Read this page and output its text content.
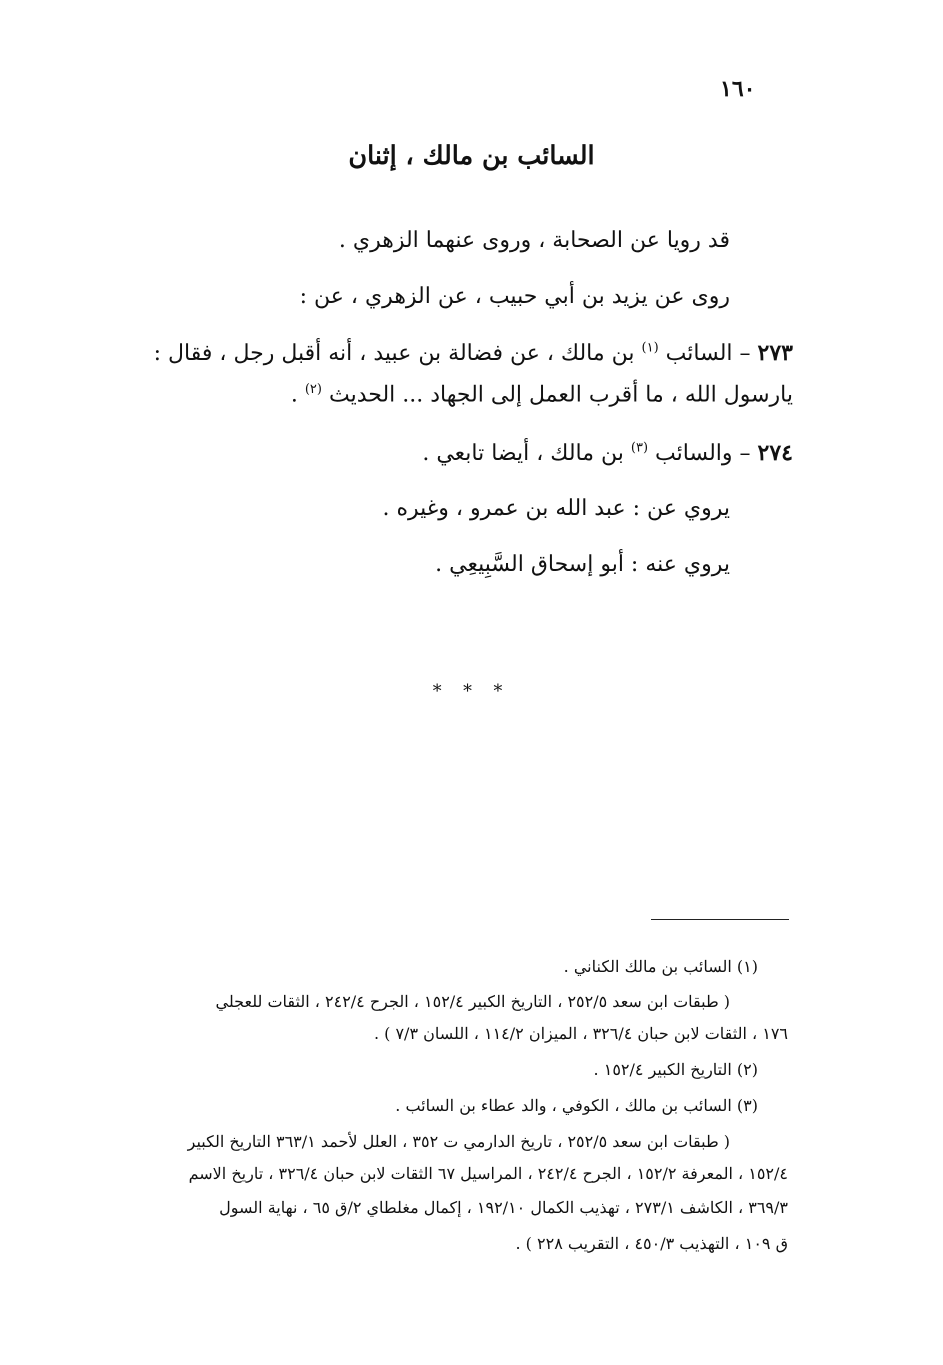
١٦٠
السائب بن مالك ، إثنان
قد رويا عن الصحابة ، وروى عنهما الزهري .
روى عن يزيد بن أبي حبيب ، عن الزهري ، عن :
٢٧٣ – السائب $^{(١)}$ بن مالك ، عن فضالة بن عبيد ، أنه أقبل رجل ، فقال :
يارسول الله ، ما أقرب العمل إلى الجهاد ... الحديث $^{(٢)}$ .
٢٧٤ – والسائب $^{(٣)}$ بن مالك ، أيضا تابعي .
يروي عن : عبد الله بن عمرو ، وغيره .
يروي عنه : أبو إسحاق السَّبِيعِي .
* * *
(١) السائب بن مالك الكناني .
( طبقات ابن سعد ٢٥٢/٥ ، التاريخ الكبير ١٥٢/٤ ، الجرح ٢٤٢/٤ ، الثقات للعجلي
١٧٦ ، الثقات لابن حبان ٣٢٦/٤ ، الميزان ١١٤/٢ ، اللسان ٧/٣ ) .
(٢) التاريخ الكبير ١٥٢/٤ .
(٣) السائب بن مالك ، الكوفي ، والد عطاء بن السائب .
( طبقات ابن سعد ٢٥٢/٥ ، تاريخ الدارمي ت ٣٥٢ ، العلل لأحمد ٣٦٣/١ التاريخ الكبير
١٥٢/٤ ، المعرفة ١٥٢/٢ ، الجرح ٢٤٢/٤ ، المراسيل ٦٧ الثقات لابن حبان ٣٢٦/٤ ، تاريخ الاسم
٣٦٩/٣ ، الكاشف ٢٧٣/١ ، تهذيب الكمال ١٩٢/١٠ ، إكمال مغلطاي ٢/ق ٦٥ ، نهاية السول
ق ١٠٩ ، التهذيب ٤٥٠/٣ ، التقريب ٢٢٨ ) .
